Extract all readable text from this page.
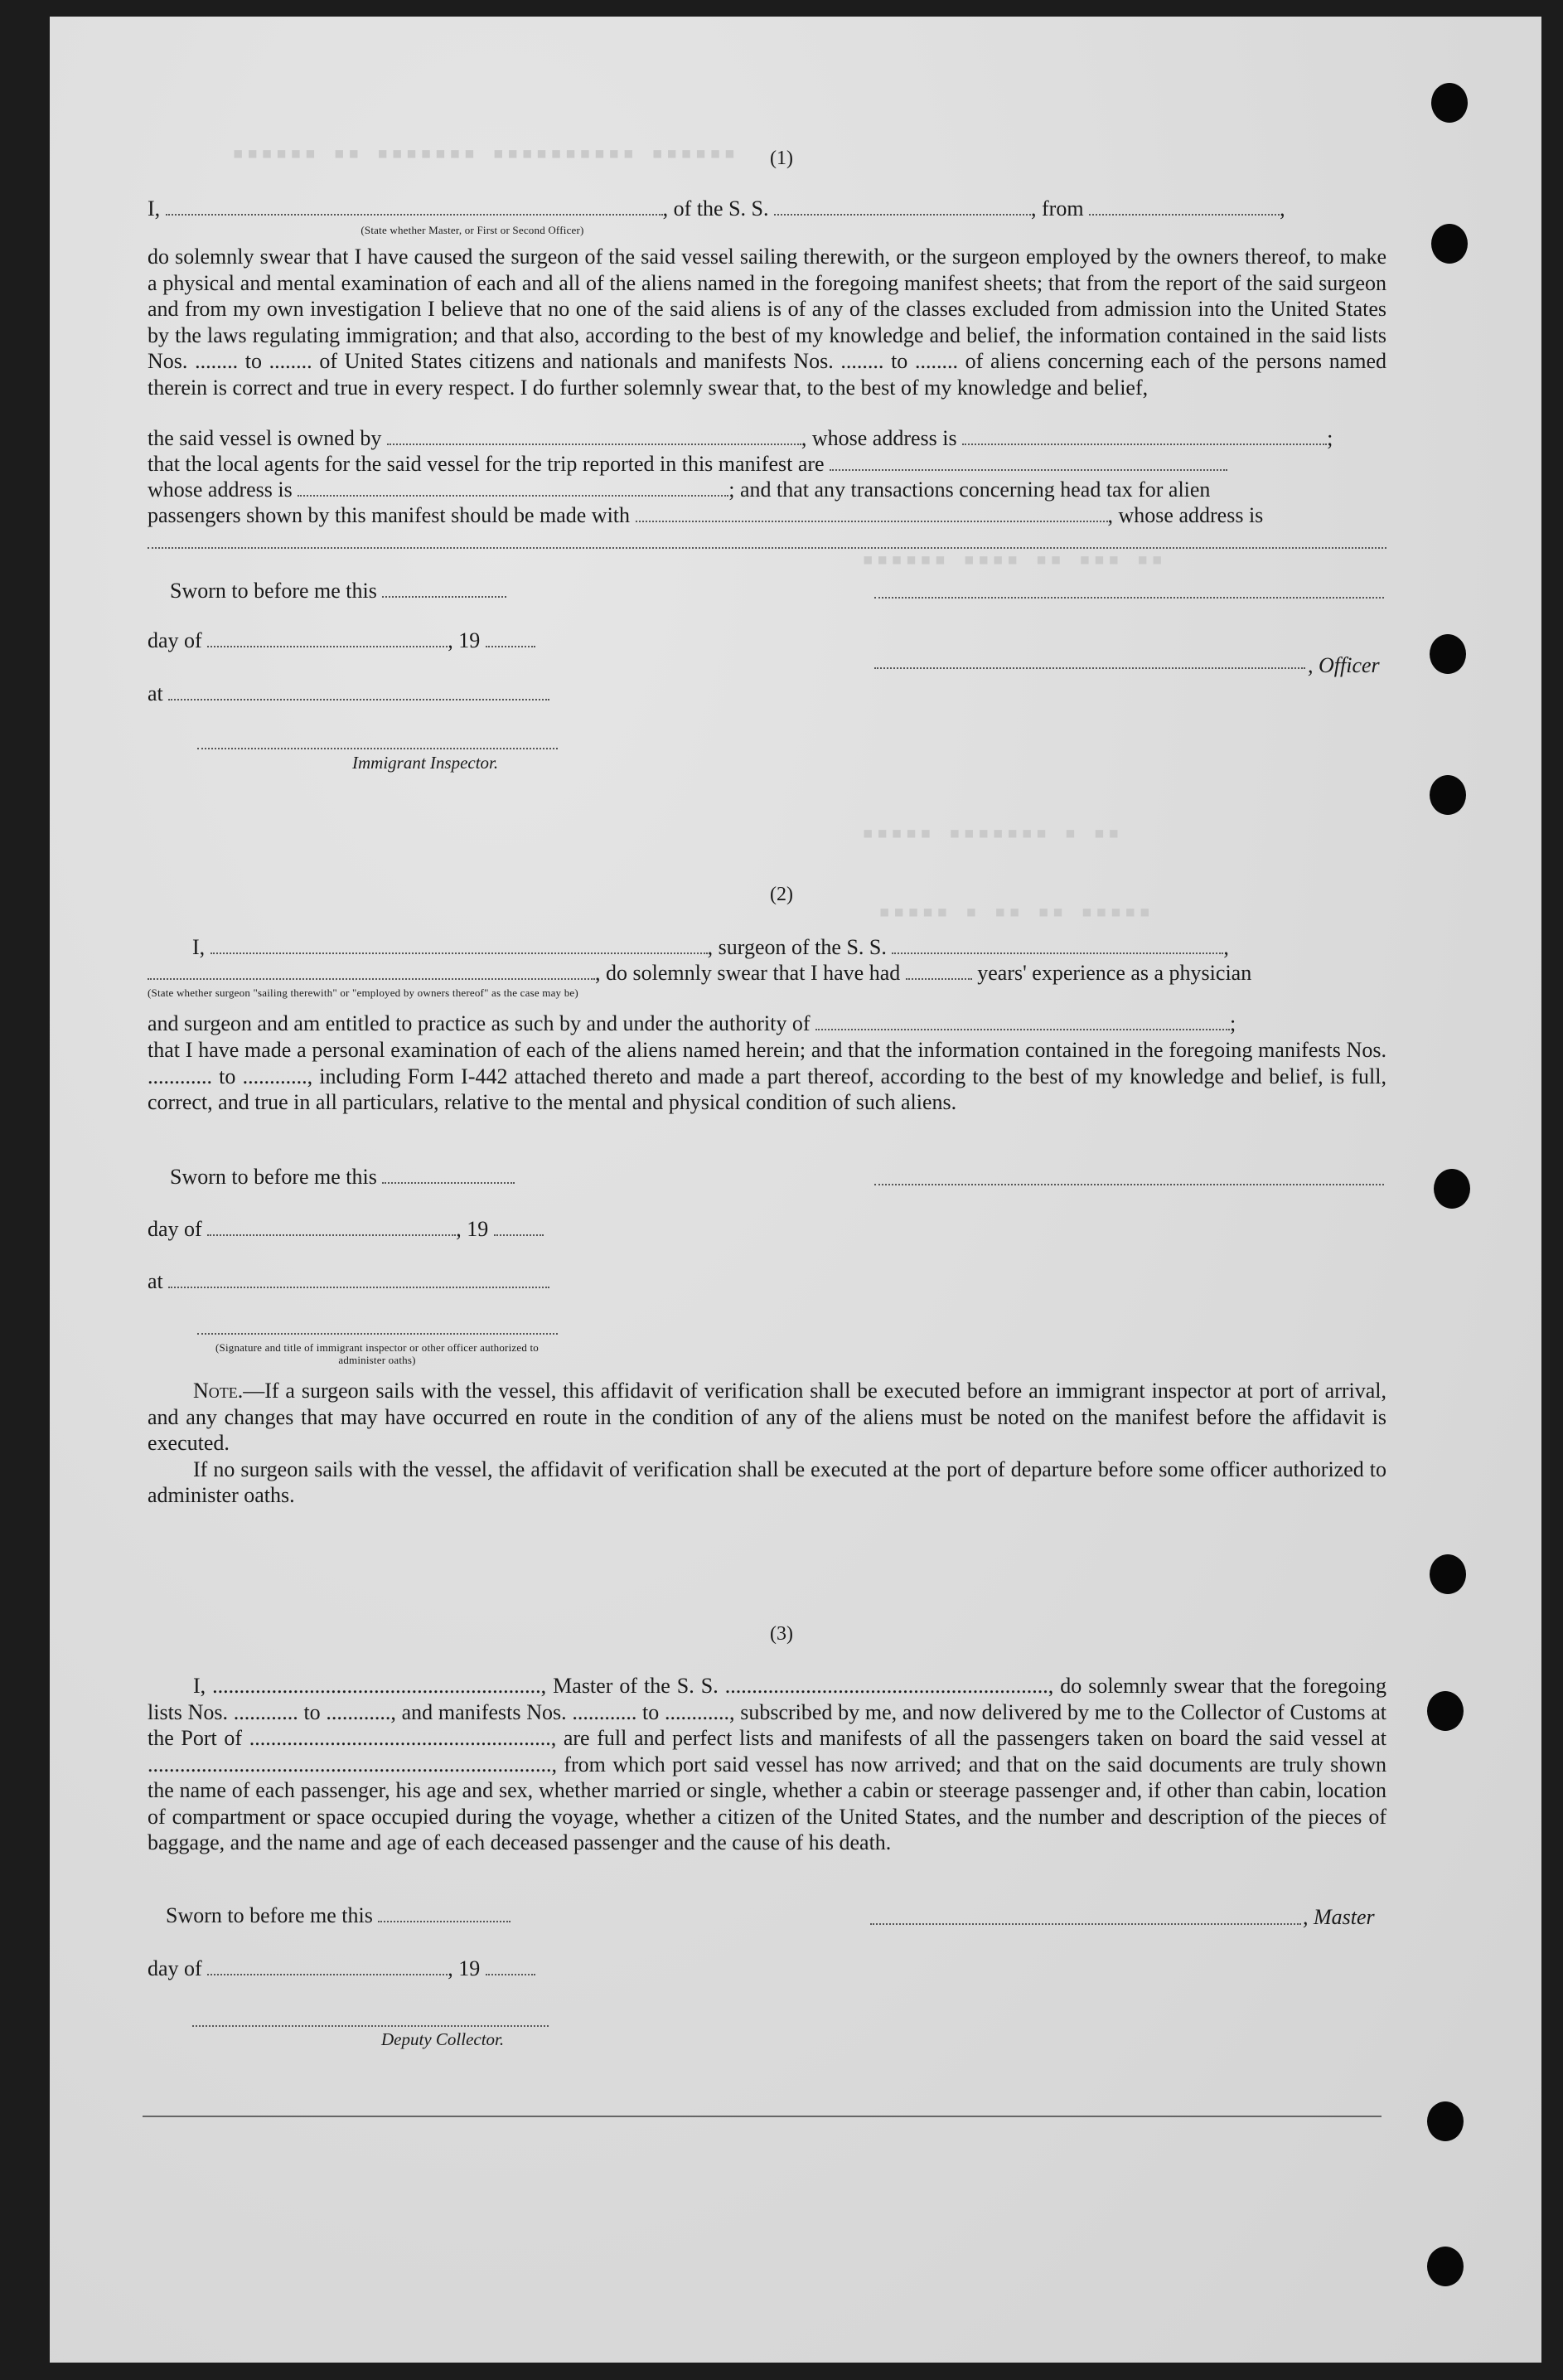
▪▪▪▪▪▪ ▪▪ ▪▪▪▪▪▪▪ ▪▪▪▪▪▪▪▪▪▪ ▪▪▪▪▪▪
▪▪▪▪▪▪ ▪▪▪▪ ▪▪ ▪▪▪ ▪▪
▪▪▪▪▪ ▪▪▪▪▪▪▪ ▪ ▪▪
▪▪▪▪▪ ▪ ▪▪ ▪▪ ▪▪▪▪▪
(1)
I,	, of the S. S.	, from	,
(State whether Master, or First or Second Officer)

do solemnly swear that I have caused the surgeon of the said vessel sailing therewith, or the surgeon employed by the owners thereof, to make a physical and mental examination of each and all of the aliens named in the foregoing manifest sheets; that from the report of the said surgeon and from my own investigation I believe that no one of the said aliens is of any of the classes excluded from admission into the United States by the laws regulating immigration; and that also, according to the best of my knowledge and belief, the information contained in the said lists Nos. ........ to ........ of United States citizens and nationals and manifests Nos. ........ to ........ of aliens concerning each of the persons named therein is correct and true in every respect. I do further solemnly swear that, to the best of my knowledge and belief,

the said vessel is owned by	, whose address is	;
that the local agents for the said vessel for the trip reported in this manifest are
whose address is	; and that any transactions concerning head tax for alien
passengers shown by this manifest should be made with	, whose address is
Sworn to before me this
day of	, 19
, Officer
at
Immigrant Inspector.
(2)
I,	, surgeon of the S. S.	,
, do solemnly swear that I have had	years' experience as a physician
(State whether surgeon "sailing therewith" or "employed by owners thereof" as the case may be)
and surgeon and am entitled to practice as such by and under the authority of	;

that I have made a personal examination of each of the aliens named herein; and that the information contained in the foregoing manifests Nos. ............ to ............, including Form I-442 attached thereto and made a part thereof, according to the best of my knowledge and belief, is full, correct, and true in all particulars, relative to the mental and physical condition of such aliens.

Sworn to before me this
day of	, 19
at
(Signature and title of immigrant inspector or other officer authorized to administer oaths)

Note.—If a surgeon sails with the vessel, this affidavit of verification shall be executed before an immigrant inspector at port of arrival, and any changes that may have occurred en route in the condition of any of the aliens must be noted on the manifest before the affidavit is executed.

If no surgeon sails with the vessel, the affidavit of verification shall be executed at the port of departure before some officer authorized to administer oaths.

(3)

I, ............................................................., Master of the S. S. ............................................................, do solemnly swear that the foregoing lists Nos. ............ to ............, and manifests Nos. ............ to ............, subscribed by me, and now delivered by me to the Collector of Customs at the Port of ........................................................, are full and perfect lists and manifests of all the passengers taken on board the said vessel at ..........................................................................., from which port said vessel has now arrived; and that on the said documents are truly shown the name of each passenger, his age and sex, whether married or single, whether a cabin or steerage passenger and, if other than cabin, location of compartment or space occupied during the voyage, whether a citizen of the United States, and the number and description of the pieces of baggage, and the name and age of each deceased passenger and the cause of his death.

Sworn to before me this	, Master
day of	, 19
Deputy Collector.
